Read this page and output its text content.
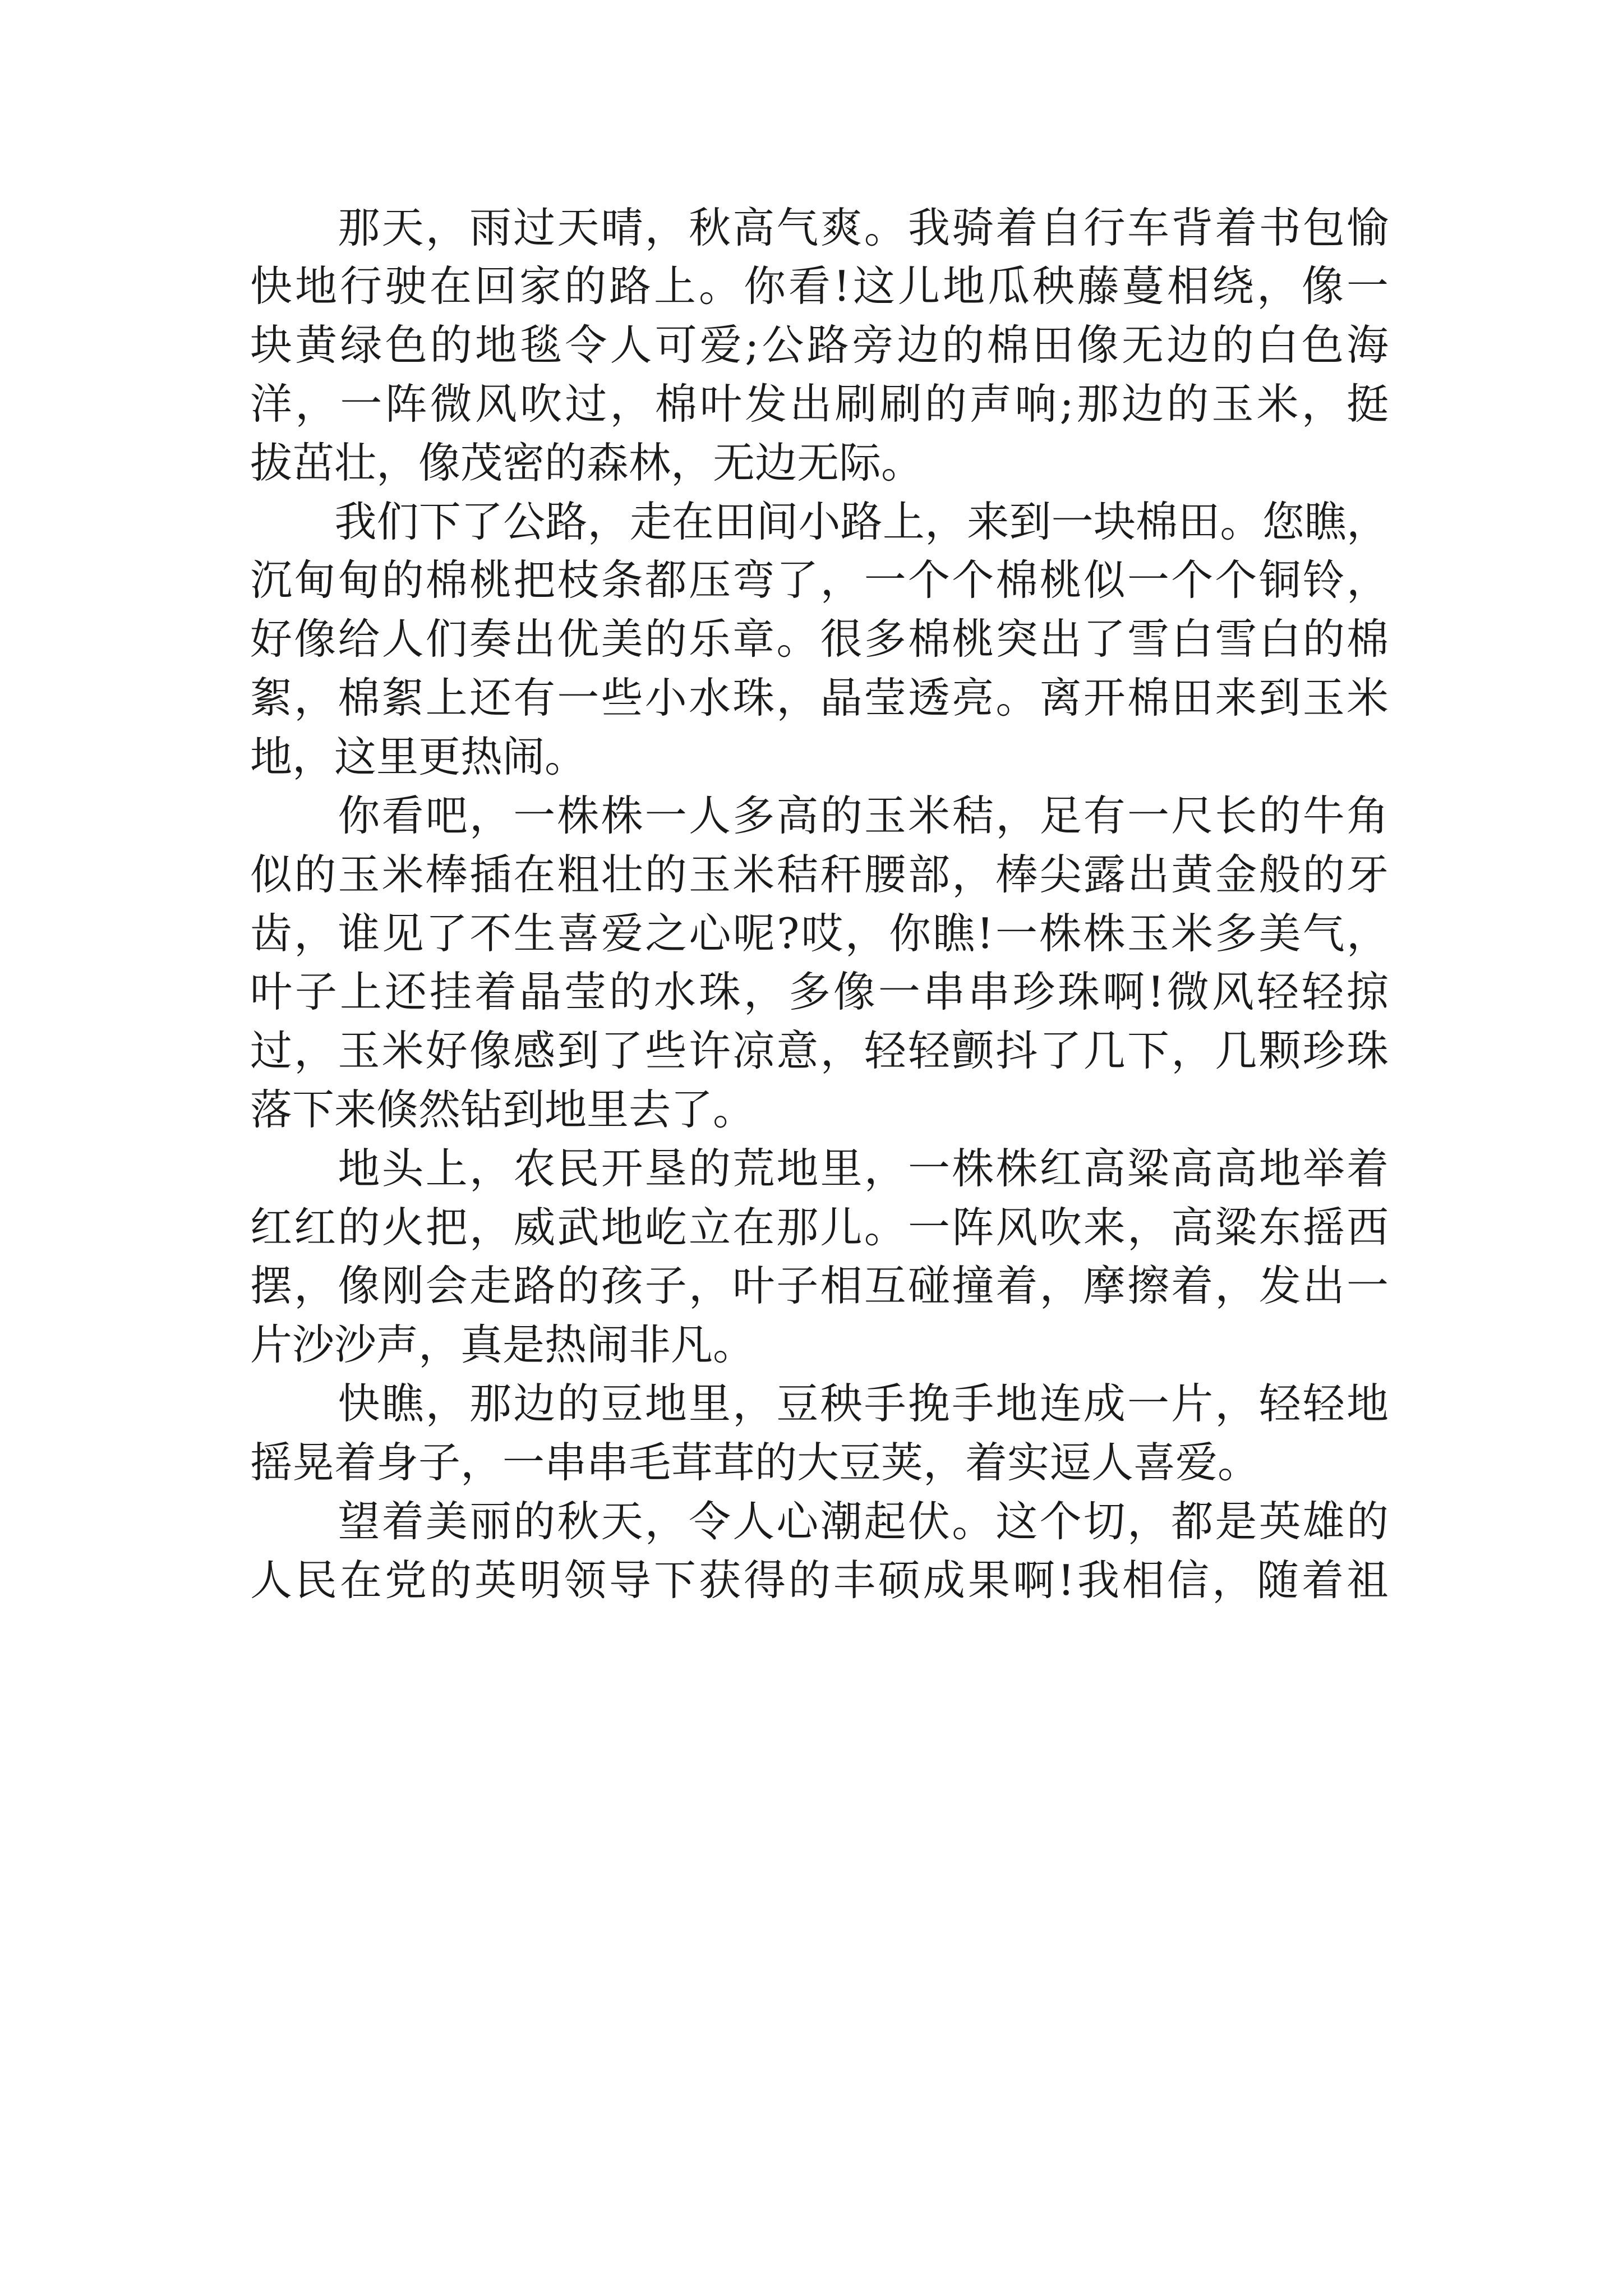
　　那天，雨过天晴，秋高气爽。我骑着自行车背着书包愉
快地行驶在回家的路上。你看!这儿地瓜秧藤蔓相绕，像一
块黄绿色的地毯令人可爱;公路旁边的棉田像无边的白色海
洋，一阵微风吹过，棉叶发出刷刷的声响;那边的玉米，挺
拔茁壮，像茂密的森林，无边无际。
　　我们下了公路，走在田间小路上，来到一块棉田。您瞧，
沉甸甸的棉桃把枝条都压弯了，一个个棉桃似一个个铜铃，
好像给人们奏出优美的乐章。很多棉桃突出了雪白雪白的棉
絮，棉絮上还有一些小水珠，晶莹透亮。离开棉田来到玉米
地，这里更热闹。
　　你看吧，一株株一人多高的玉米秸，足有一尺长的牛角
似的玉米棒插在粗壮的玉米秸秆腰部，棒尖露出黄金般的牙
齿，谁见了不生喜爱之心呢?哎，你瞧!一株株玉米多美气，
叶子上还挂着晶莹的水珠，多像一串串珍珠啊!微风轻轻掠
过，玉米好像感到了些许凉意，轻轻颤抖了几下，几颗珍珠
落下来倏然钻到地里去了。
　　地头上，农民开垦的荒地里，一株株红高粱高高地举着
红红的火把，威武地屹立在那儿。一阵风吹来，高粱东摇西
摆，像刚会走路的孩子，叶子相互碰撞着，摩擦着，发出一
片沙沙声，真是热闹非凡。
　　快瞧，那边的豆地里，豆秧手挽手地连成一片，轻轻地
摇晃着身子，一串串毛茸茸的大豆荚，着实逗人喜爱。
　　望着美丽的秋天，令人心潮起伏。这个切，都是英雄的
人民在党的英明领导下获得的丰硕成果啊!我相信，随着祖
